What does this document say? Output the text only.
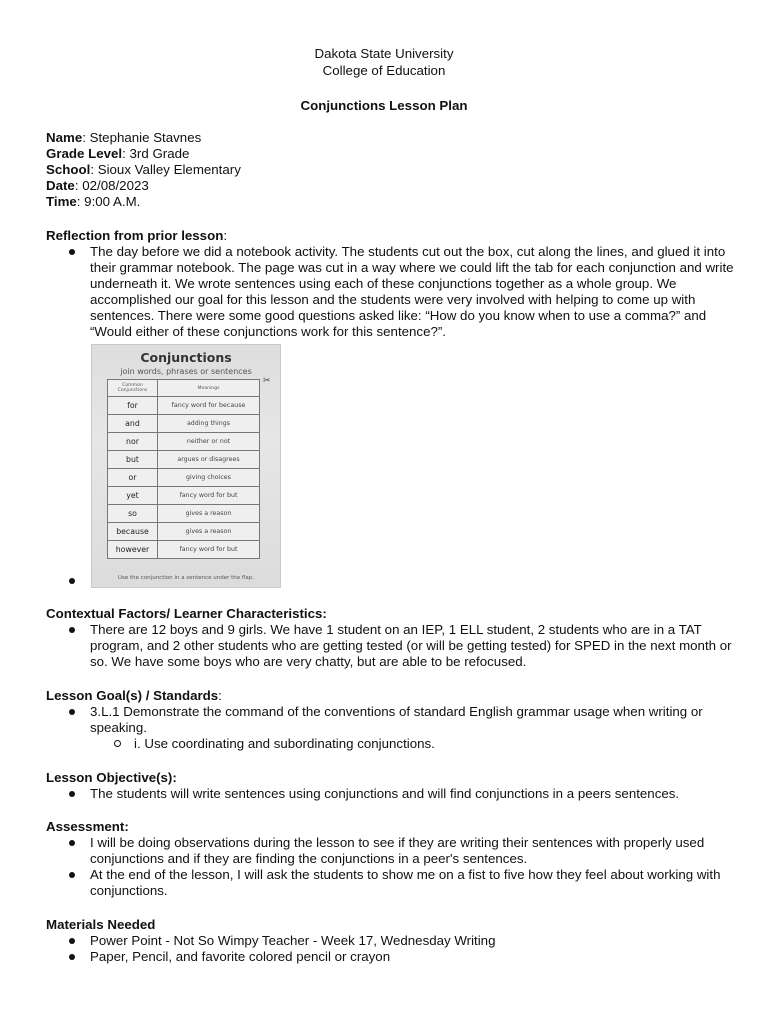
Dakota State University
College of Education
Conjunctions Lesson Plan

Name: Stephanie Stavnes

Grade Level: 3rd Grade

School: Sioux Valley Elementary

Date: 02/08/2023

Time: 9:00 A.M.

Reflection from prior lesson:
The day before we did a notebook activity. The students cut out the box, cut along the lines, and glued it into their grammar notebook. The page was cut in a way where we could lift the tab for each conjunction and write underneath it. We wrote sentences using each of these conjunctions together as a whole group. We accomplished our goal for this lesson and the students were very involved with helping to come up with sentences. There were some good questions asked like: “How do you know when to use a comma?” and “Would either of these conjunctions work for this sentence?”.
Conjunctions
join words, phrases or sentences
✂
Common Conjunctions	Meanings
for	fancy word for because
and	adding things
nor	neither or not
but	argues or disagrees
or	giving choices
yet	fancy word for but
so	gives a reason
because	gives a reason
however	fancy word for but
Use the conjunction in a sentence under the flap.
Contextual Factors/ Learner Characteristics:
There are 12 boys and 9 girls. We have 1 student on an IEP, 1 ELL student, 2 students who are in a TAT program, and 2 other students who are getting tested (or will be getting tested) for SPED in the next month or so. We have some boys who are very chatty, but are able to be refocused.
Lesson Goal(s) / Standards:
3.L.1 Demonstrate the command of the conventions of standard English grammar usage when writing or speaking.
i. Use coordinating and subordinating conjunctions.
Lesson Objective(s):
The students will write sentences using conjunctions and will find conjunctions in a peers sentences.
Assessment:
I will be doing observations during the lesson to see if they are writing their sentences with properly used conjunctions and if they are finding the conjunctions in a peer's sentences.
At the end of the lesson, I will ask the students to show me on a fist to five how they feel about working with conjunctions.
Materials Needed
Power Point - Not So Wimpy Teacher - Week 17, Wednesday Writing
Paper, Pencil, and favorite colored pencil or crayon
